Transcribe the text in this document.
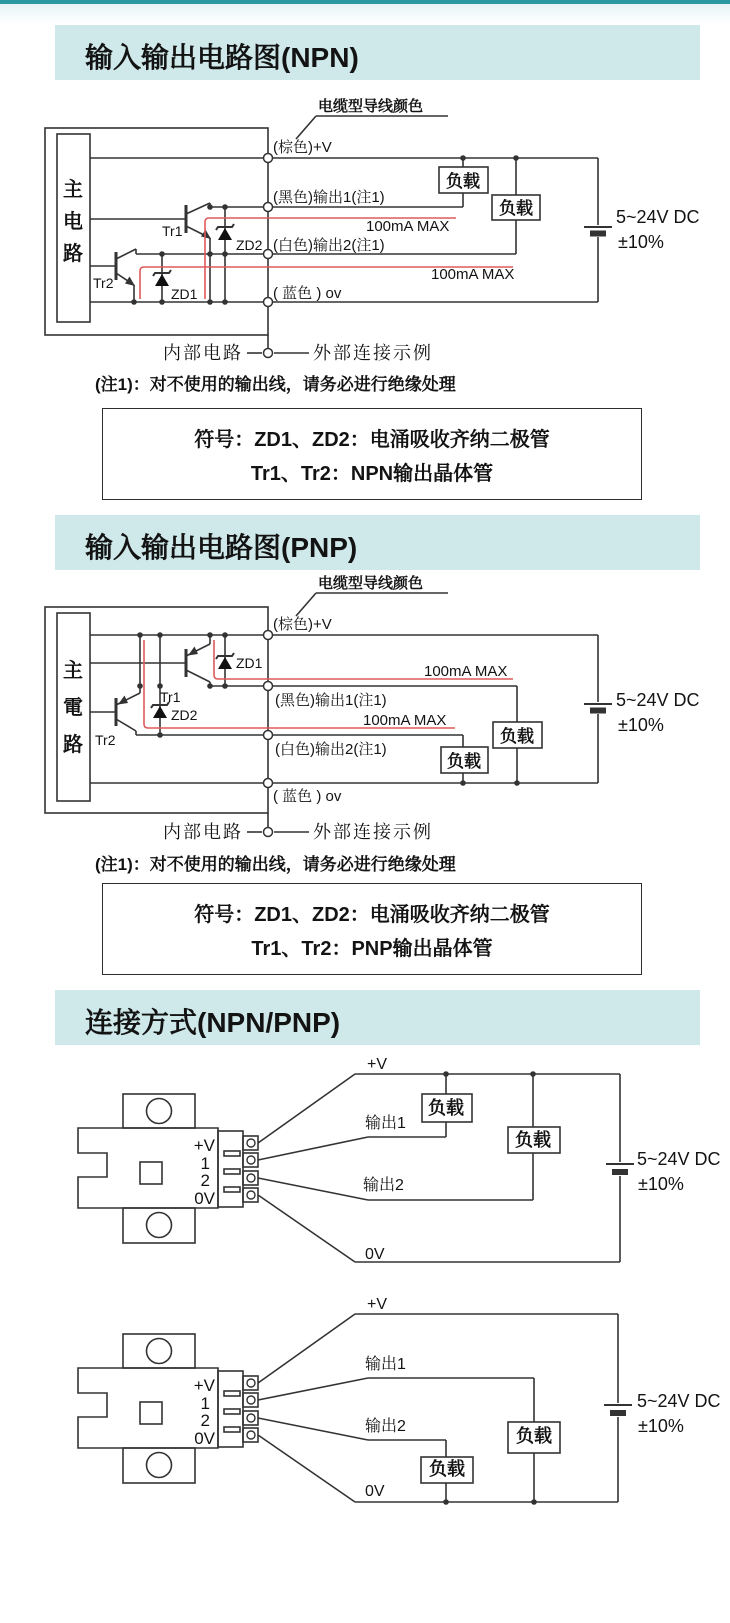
输入输出电路图(NPN)
电缆型导线颜色
主
电
路
(棕色)+V
(黑色)输出1(注1)
100mA MAX
(白色)输出2(注1)
100mA MAX
( 蓝色 ) ov
Tr1
Tr2
ZD2
ZD1
负载
负载	5~24V DC
±10%
内部电路	外部连接示例
(注1)：对不使用的输出线，请务必进行绝缘处理
符号：ZD1、ZD2：电涌吸收齐纳二极管
Tr1、Tr2：NPN输出晶体管
输入输出电路图(PNP)
电缆型导线颜色
主
電
路
(棕色)+V
100mA MAX
(黑色)输出1(注1)
100mA MAX
(白色)输出2(注1)
( 蓝色 ) ov
Tr1
Tr2
ZD1
ZD2
负载
负载
5~24V DC
±10%
内部电路	外部连接示例
(注1)：对不使用的输出线，请务必进行绝缘处理
符号：ZD1、ZD2：电涌吸收齐纳二极管
Tr1、Tr2：PNP输出晶体管
连接方式(NPN/PNP)
+V
1
2
0V
+V
输出1
输出2
0V
负载
负载
5~24V DC
±10%
+V
1
2
0V
+V
输出1
输出2
0V
负载
负载
5~24V DC
±10%
